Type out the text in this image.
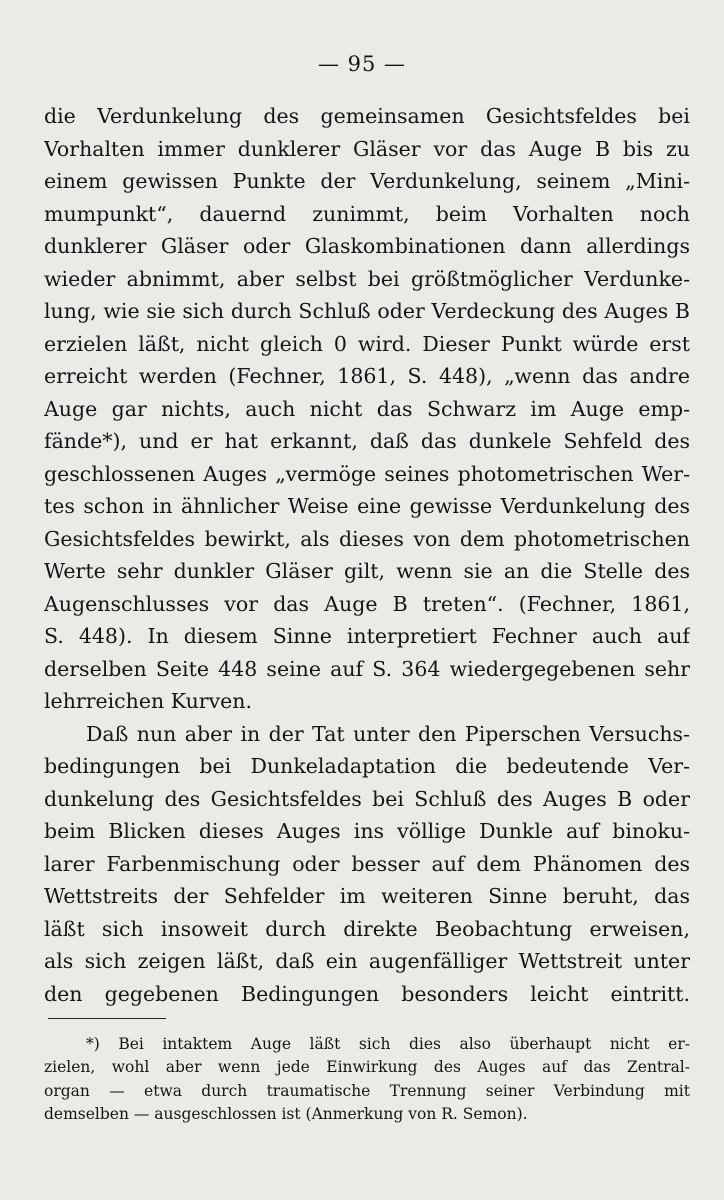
— 95 —
die Verdunkelung des gemeinsamen Gesichtsfeldes bei
Vorhalten immer dunklerer Gläser vor das Auge B bis zu
einem gewissen Punkte der Verdunkelung, seinem „Mini-
mumpunkt“, dauernd zunimmt, beim Vorhalten noch
dunklerer Gläser oder Glaskombinationen dann allerdings
wieder abnimmt, aber selbst bei größtmöglicher Verdunke-
lung, wie sie sich durch Schluß oder Verdeckung des Auges B
erzielen läßt, nicht gleich 0 wird. Dieser Punkt würde erst
erreicht werden (Fechner, 1861, S. 448), „wenn das andre
Auge gar nichts, auch nicht das Schwarz im Auge emp-
fände*), und er hat erkannt, daß das dunkele Sehfeld des
geschlossenen Auges „vermöge seines photometrischen Wer-
tes schon in ähnlicher Weise eine gewisse Verdunkelung des
Gesichtsfeldes bewirkt, als dieses von dem photometrischen
Werte sehr dunkler Gläser gilt, wenn sie an die Stelle des
Augenschlusses vor das Auge B treten“. (Fechner, 1861,
S. 448). In diesem Sinne interpretiert Fechner auch auf
derselben Seite 448 seine auf S. 364 wiedergegebenen sehr
lehrreichen Kurven.
Daß nun aber in der Tat unter den Piperschen Versuchs-
bedingungen bei Dunkeladaptation die bedeutende Ver-
dunkelung des Gesichtsfeldes bei Schluß des Auges B oder
beim Blicken dieses Auges ins völlige Dunkle auf binoku-
larer Farbenmischung oder besser auf dem Phänomen des
Wettstreits der Sehfelder im weiteren Sinne beruht, das
läßt sich insoweit durch direkte Beobachtung erweisen,
als sich zeigen läßt, daß ein augenfälliger Wettstreit unter
den gegebenen Bedingungen besonders leicht eintritt.
*) Bei intaktem Auge läßt sich dies also überhaupt nicht er-
zielen, wohl aber wenn jede Einwirkung des Auges auf das Zentral-
organ — etwa durch traumatische Trennung seiner Verbindung mit
demselben — ausgeschlossen ist (Anmerkung von R. Semon).
